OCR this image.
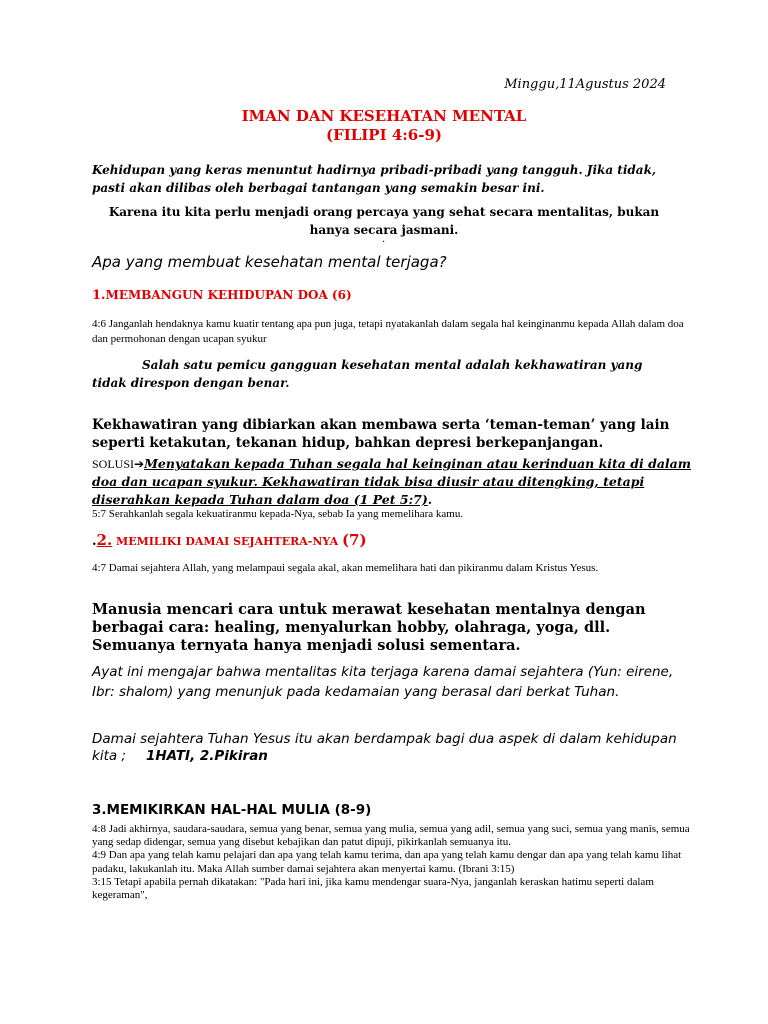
Minggu,11Agustus 2024

IMAN DAN KESEHATAN MENTAL

(FILIPI 4:6-9)

Kehidupan yang keras menuntut hadirnya pribadi-pribadi yang tangguh. Jika tidak, pasti akan dilibas oleh berbagai tantangan yang semakin besar ini.

Karena itu kita perlu menjadi orang percaya yang sehat secara mentalitas, bukan hanya secara jasmani.

.

Apa yang membuat kesehatan mental terjaga?

1.MEMBANGUN KEHIDUPAN DOA (6)

4:6 Janganlah hendaknya kamu kuatir tentang apa pun juga, tetapi nyatakanlah dalam segala hal keinginanmu kepada Allah dalam doa dan permohonan dengan ucapan syukur

Salah satu pemicu gangguan kesehatan mental adalah kekhawatiran yang tidak direspon dengan benar.

Kekhawatiran yang dibiarkan akan membawa serta ‘teman-teman’ yang lain seperti ketakutan, tekanan hidup, bahkan depresi berkepanjangan.

SOLUSI➔Menyatakan kepada Tuhan segala hal keinginan atau kerinduan kita di dalam doa dan ucapan syukur. Kekhawatiran tidak bisa diusir atau ditengking, tetapi diserahkan kepada Tuhan dalam doa (1 Pet 5:7).

5:7 Serahkanlah segala kekuatiranmu kepada-Nya, sebab Ia yang memelihara kamu.

.2. MEMILIKI DAMAI SEJAHTERA-NYA (7)

4:7 Damai sejahtera Allah, yang melampaui segala akal, akan memelihara hati dan pikiranmu dalam Kristus Yesus.

Manusia mencari cara untuk merawat kesehatan mentalnya dengan berbagai cara: healing, menyalurkan hobby, olahraga, yoga, dll. Semuanya ternyata hanya menjadi solusi sementara.

Ayat ini mengajar bahwa mentalitas kita terjaga karena damai sejahtera (Yun: eirene, Ibr: shalom) yang menunjuk pada kedamaian yang berasal dari berkat Tuhan.

Damai sejahtera Tuhan Yesus itu akan berdampak bagi dua aspek di dalam kehidupan kita ; 1HATI, 2.Pikiran

3.MEMIKIRKAN HAL-HAL MULIA (8-9)

4:8 Jadi akhirnya, saudara-saudara, semua yang benar, semua yang mulia, semua yang adil, semua yang suci, semua yang manis, semua yang sedap didengar, semua yang disebut kebajikan dan patut dipuji, pikirkanlah semuanya itu.

4:9 Dan apa yang telah kamu pelajari dan apa yang telah kamu terima, dan apa yang telah kamu dengar dan apa yang telah kamu lihat padaku, lakukanlah itu. Maka Allah sumber damai sejahtera akan menyertai kamu. (Ibrani 3:15)

3:15 Tetapi apabila pernah dikatakan: "Pada hari ini, jika kamu mendengar suara-Nya, janganlah keraskan hatimu seperti dalam kegeraman",
